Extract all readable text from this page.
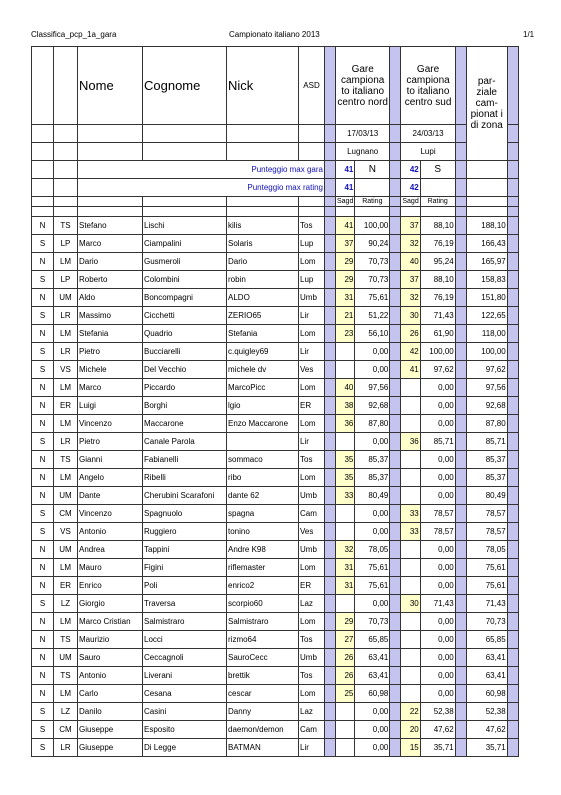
Classifica_pcp_1a_gara	Campionato italiano 2013	1/1
		Nome	Cognome	Nick	ASD		Gare campiona to italiano centro nord			Gare campiona to italiano centro sud			par-ziale cam-pionat i di zona	
							17/03/13			24/03/13				
							Lugnano			Lupi				
		Punteggio max gara					41	N		42	S			
		Punteggio max rating					41			42				
							Sagd	Rating		Sagd	Rating			

N	TS	Stefano	Lischi	kilis	Tos		41	100,00		37	88,10		188,10	
S	LP	Marco	Ciampalini	Solaris	Lup		37	90,24		32	76,19		166,43	
N	LM	Dario	Gusmeroli	Dario	Lom		29	70,73		40	95,24		165,97	
S	LP	Roberto	Colombini	robin	Lup		29	70,73		37	88,10		158,83	
N	UM	Aldo	Boncompagni	ALDO	Umb		31	75,61		32	76,19		151,80	
S	LR	Massimo	Cicchetti	ZERIO65	Lir		21	51,22		30	71,43		122,65	
N	LM	Stefania	Quadrio	Stefania	Lom		23	56,10		26	61,90		118,00	
S	LR	Pietro	Bucciarelli	c.quigley69	Lir			0,00		42	100,00		100,00	
S	VS	Michele	Del Vecchio	michele dv	Ves			0,00		41	97,62		97,62	
N	LM	Marco	Piccardo	MarcoPicc	Lom		40	97,56			0,00		97,56	
N	ER	Luigi	Borghi	lgio	ER		38	92,68			0,00		92,68	
N	LM	Vincenzo	Maccarone	Enzo Maccarone	Lom		36	87,80			0,00		87,80	
S	LR	Pietro	Canale Parola		Lir			0,00		36	85,71		85,71	
N	TS	Gianni	Fabianelli	sommaco	Tos		35	85,37			0,00		85,37	
N	LM	Angelo	Ribelli	ribo	Lom		35	85,37			0,00		85,37	
N	UM	Dante	Cherubini Scarafoni	dante 62	Umb		33	80,49			0,00		80,49	
S	CM	Vincenzo	Spagnuolo	spagna	Cam			0,00		33	78,57		78,57	
S	VS	Antonio	Ruggiero	tonino	Ves			0,00		33	78,57		78,57	
N	UM	Andrea	Tappini	Andre K98	Umb		32	78,05			0,00		78,05	
N	LM	Mauro	Figini	riflemaster	Lom		31	75,61			0,00		75,61	
N	ER	Enrico	Poli	enrico2	ER		31	75,61			0,00		75,61	
S	LZ	Giorgio	Traversa	scorpio60	Laz			0,00		30	71,43		71,43	
N	LM	Marco Cristian	Salmistraro	Salmistraro	Lom		29	70,73			0,00		70,73	
N	TS	Maurizio	Locci	rizmo64	Tos		27	65,85			0,00		65,85	
N	UM	Sauro	Ceccagnoli	SauroCecc	Umb		26	63,41			0,00		63,41	
N	TS	Antonio	Liverani	brettik	Tos		26	63,41			0,00		63,41	
N	LM	Carlo	Cesana	cescar	Lom		25	60,98			0,00		60,98	
S	LZ	Danilo	Casini	Danny	Laz			0,00		22	52,38		52,38	
S	CM	Giuseppe	Esposito	daemon/demon	Cam			0,00		20	47,62		47,62	
S	LR	Giuseppe	Di Legge	BATMAN	Lir			0,00		15	35,71		35,71	
